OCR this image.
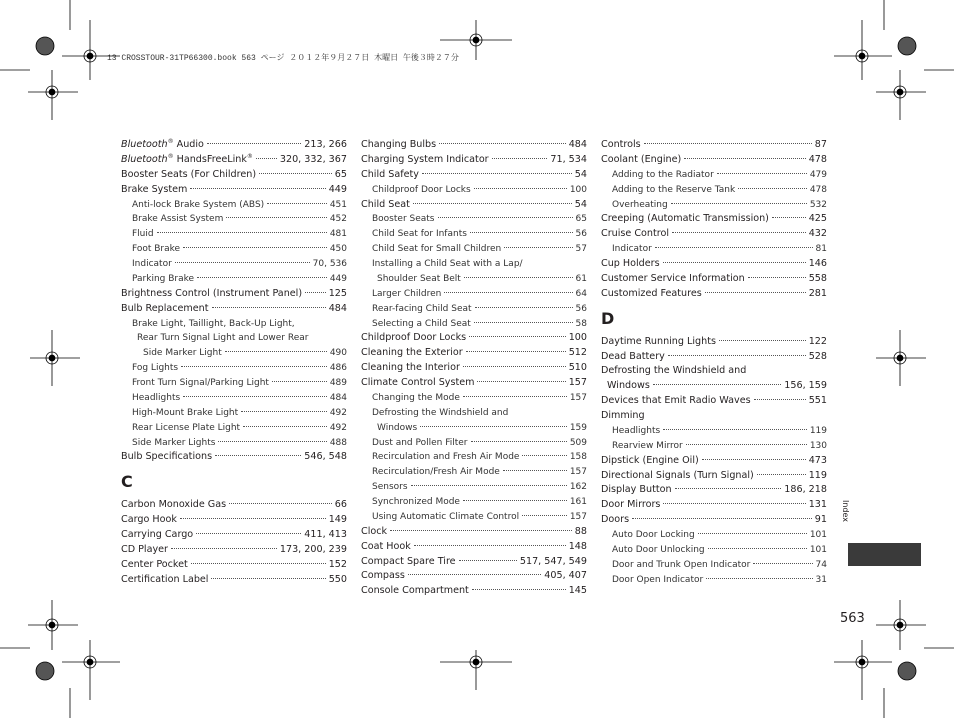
13 CROSSTOUR-31TP66300.book 563 ページ ２０１２年９月２７日 木曜日 午後３時２７分
Bluetooth® Audio	213, 266
Bluetooth® HandsFreeLink®	320, 332, 367
Booster Seats (For Children)	65
Brake System	449
Anti-lock Brake System (ABS)	451
Brake Assist System	452
Fluid	481
Foot Brake	450
Indicator	70, 536
Parking Brake	449
Brightness Control (Instrument Panel)	125
Bulb Replacement	484
Brake Light, Taillight, Back-Up Light,
Rear Turn Signal Light and Lower Rear
Side Marker Light	490
Fog Lights	486
Front Turn Signal/Parking Light	489
Headlights	484
High-Mount Brake Light	492
Rear License Plate Light	492
Side Marker Lights	488
Bulb Specifications	546, 548
C
Carbon Monoxide Gas	66
Cargo Hook	149
Carrying Cargo	411, 413
CD Player	173, 200, 239
Center Pocket	152
Certification Label	550
Changing Bulbs	484
Charging System Indicator	71, 534
Child Safety	54
Childproof Door Locks	100
Child Seat	54
Booster Seats	65
Child Seat for Infants	56
Child Seat for Small Children	57
Installing a Child Seat with a Lap/
Shoulder Seat Belt	61
Larger Children	64
Rear-facing Child Seat	56
Selecting a Child Seat	58
Childproof Door Locks	100
Cleaning the Exterior	512
Cleaning the Interior	510
Climate Control System	157
Changing the Mode	157
Defrosting the Windshield and
Windows	159
Dust and Pollen Filter	509
Recirculation and Fresh Air Mode	158
Recirculation/Fresh Air Mode	157
Sensors	162
Synchronized Mode	161
Using Automatic Climate Control	157
Clock	88
Coat Hook	148
Compact Spare Tire	517, 547, 549
Compass	405, 407
Console Compartment	145
Controls	87
Coolant (Engine)	478
Adding to the Radiator	479
Adding to the Reserve Tank	478
Overheating	532
Creeping (Automatic Transmission)	425
Cruise Control	432
Indicator	81
Cup Holders	146
Customer Service Information	558
Customized Features	281
D
Daytime Running Lights	122
Dead Battery	528
Defrosting the Windshield and
Windows	156, 159
Devices that Emit Radio Waves	551
Dimming
Headlights	119
Rearview Mirror	130
Dipstick (Engine Oil)	473
Directional Signals (Turn Signal)	119
Display Button	186, 218
Door Mirrors	131
Doors	91
Auto Door Locking	101
Auto Door Unlocking	101
Door and Trunk Open Indicator	74
Door Open Indicator	31
Index
563
